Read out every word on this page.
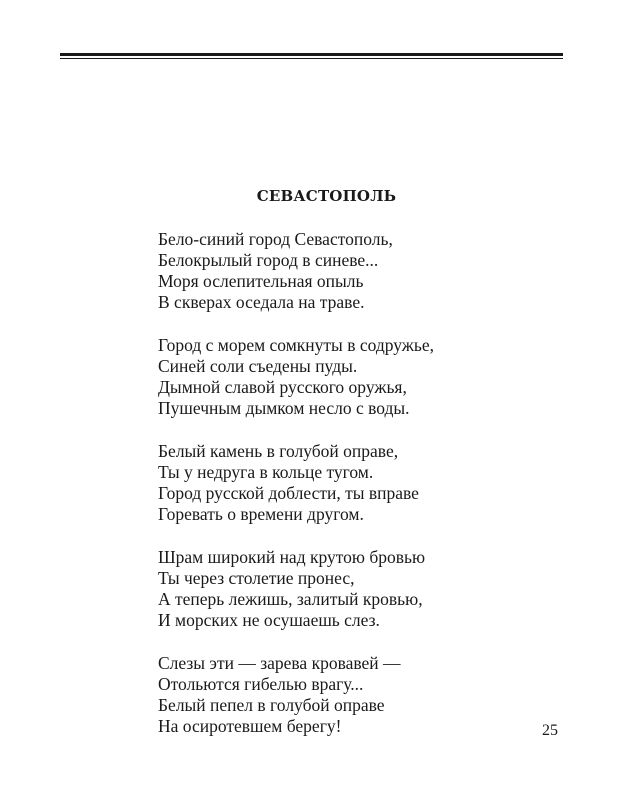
СЕВАСТОПОЛЬ
Бело-синий город Севастополь,
Белокрылый город в синеве...
Моря ослепительная опыль
В скверах оседала на траве.
Город с морем сомкнуты в содружье,
Синей соли съедены пуды.
Дымной славой русского оружья,
Пушечным дымком несло с воды.
Белый камень в голубой оправе,
Ты у недруга в кольце тугом.
Город русской доблести, ты вправе
Горевать о времени другом.
Шрам широкий над крутою бровью
Ты через столетие пронес,
А теперь лежишь, залитый кровью,
И морских не осушаешь слез.
Слезы эти — зарева кровавей —
Отольются гибелью врагу...
Белый пепел в голубой оправе
На осиротевшем берегу!	25
